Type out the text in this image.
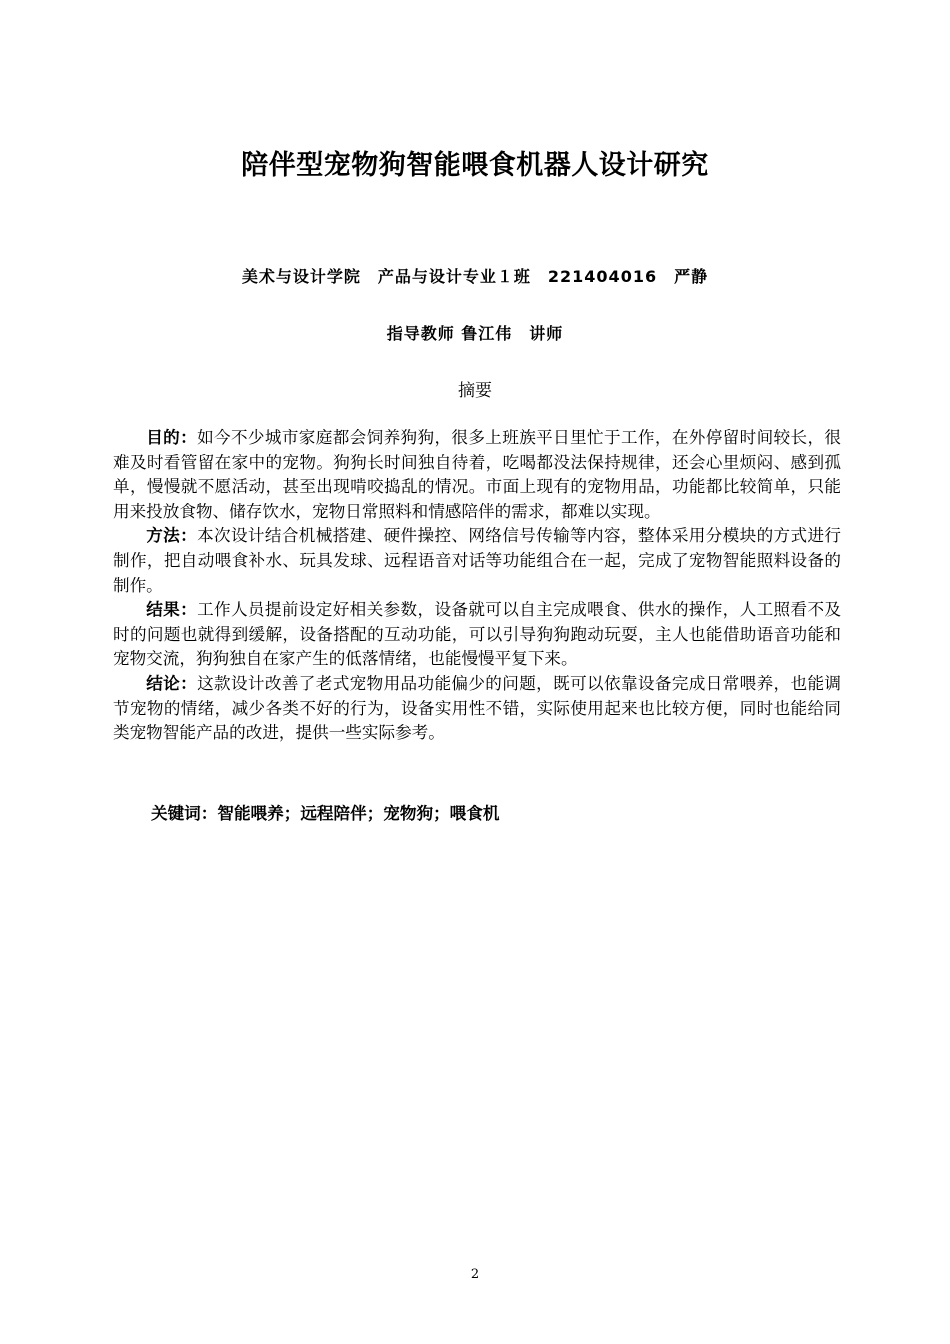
陪伴型宠物狗智能喂食机器人设计研究
美术与设计学院　产品与设计专业１班　221404016　严静
指导教师 鲁江伟　讲师
摘要

目的：如今不少城市家庭都会饲养狗狗，很多上班族平日里忙于工作，在外停留时间较长，很难及时看管留在家中的宠物。狗狗长时间独自待着，吃喝都没法保持规律，还会心里烦闷、感到孤单，慢慢就不愿活动，甚至出现啃咬捣乱的情况。市面上现有的宠物用品，功能都比较简单，只能用来投放食物、储存饮水，宠物日常照料和情感陪伴的需求，都难以实现。

方法：本次设计结合机械搭建、硬件操控、网络信号传输等内容，整体采用分模块的方式进行制作，把自动喂食补水、玩具发球、远程语音对话等功能组合在一起，完成了宠物智能照料设备的制作。

结果：工作人员提前设定好相关参数，设备就可以自主完成喂食、供水的操作，人工照看不及时的问题也就得到缓解，设备搭配的互动功能，可以引导狗狗跑动玩耍，主人也能借助语音功能和宠物交流，狗狗独自在家产生的低落情绪，也能慢慢平复下来。

结论：这款设计改善了老式宠物用品功能偏少的问题，既可以依靠设备完成日常喂养，也能调节宠物的情绪，减少各类不好的行为，设备实用性不错，实际使用起来也比较方便，同时也能给同类宠物智能产品的改进，提供一些实际参考。

关键词：智能喂养；远程陪伴；宠物狗；喂食机
2
